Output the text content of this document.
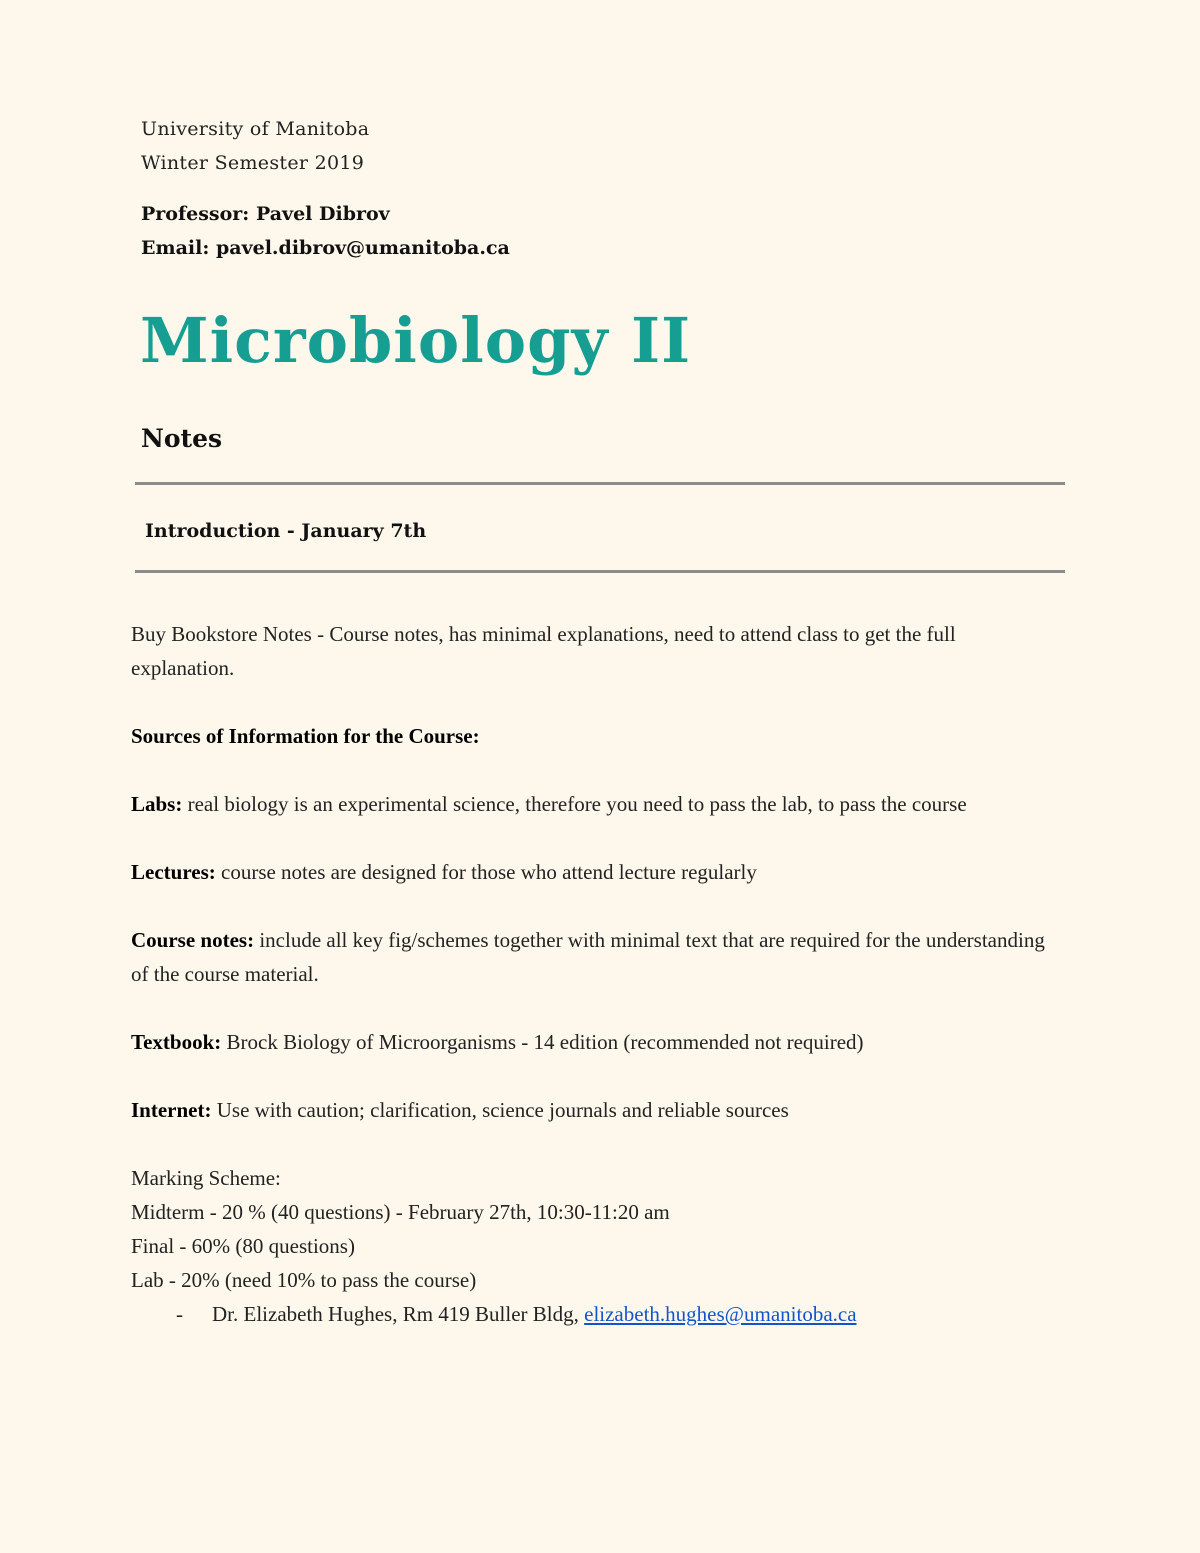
University of Manitoba
Winter Semester 2019
Professor: Pavel Dibrov
Email: pavel.dibrov@umanitoba.ca
Microbiology II
Notes
Introduction - January 7th

Buy Bookstore Notes - Course notes, has minimal explanations, need to attend class to get the full explanation.

Sources of Information for the Course:

Labs: real biology is an experimental science, therefore you need to pass the lab, to pass the course

Lectures: course notes are designed for those who attend lecture regularly

Course notes: include all key fig/schemes together with minimal text that are required for the understanding of the course material.

Textbook: Brock Biology of Microorganisms - 14 edition (recommended not required)

Internet: Use with caution; clarification, science journals and reliable sources

Marking Scheme:

Midterm - 20 % (40 questions) - February 27th, 10:30-11:20 am

Final - 60% (80 questions)

Lab - 20% (need 10% to pass the course)

- Dr. Elizabeth Hughes, Rm 419 Buller Bldg, elizabeth.hughes@umanitoba.ca
